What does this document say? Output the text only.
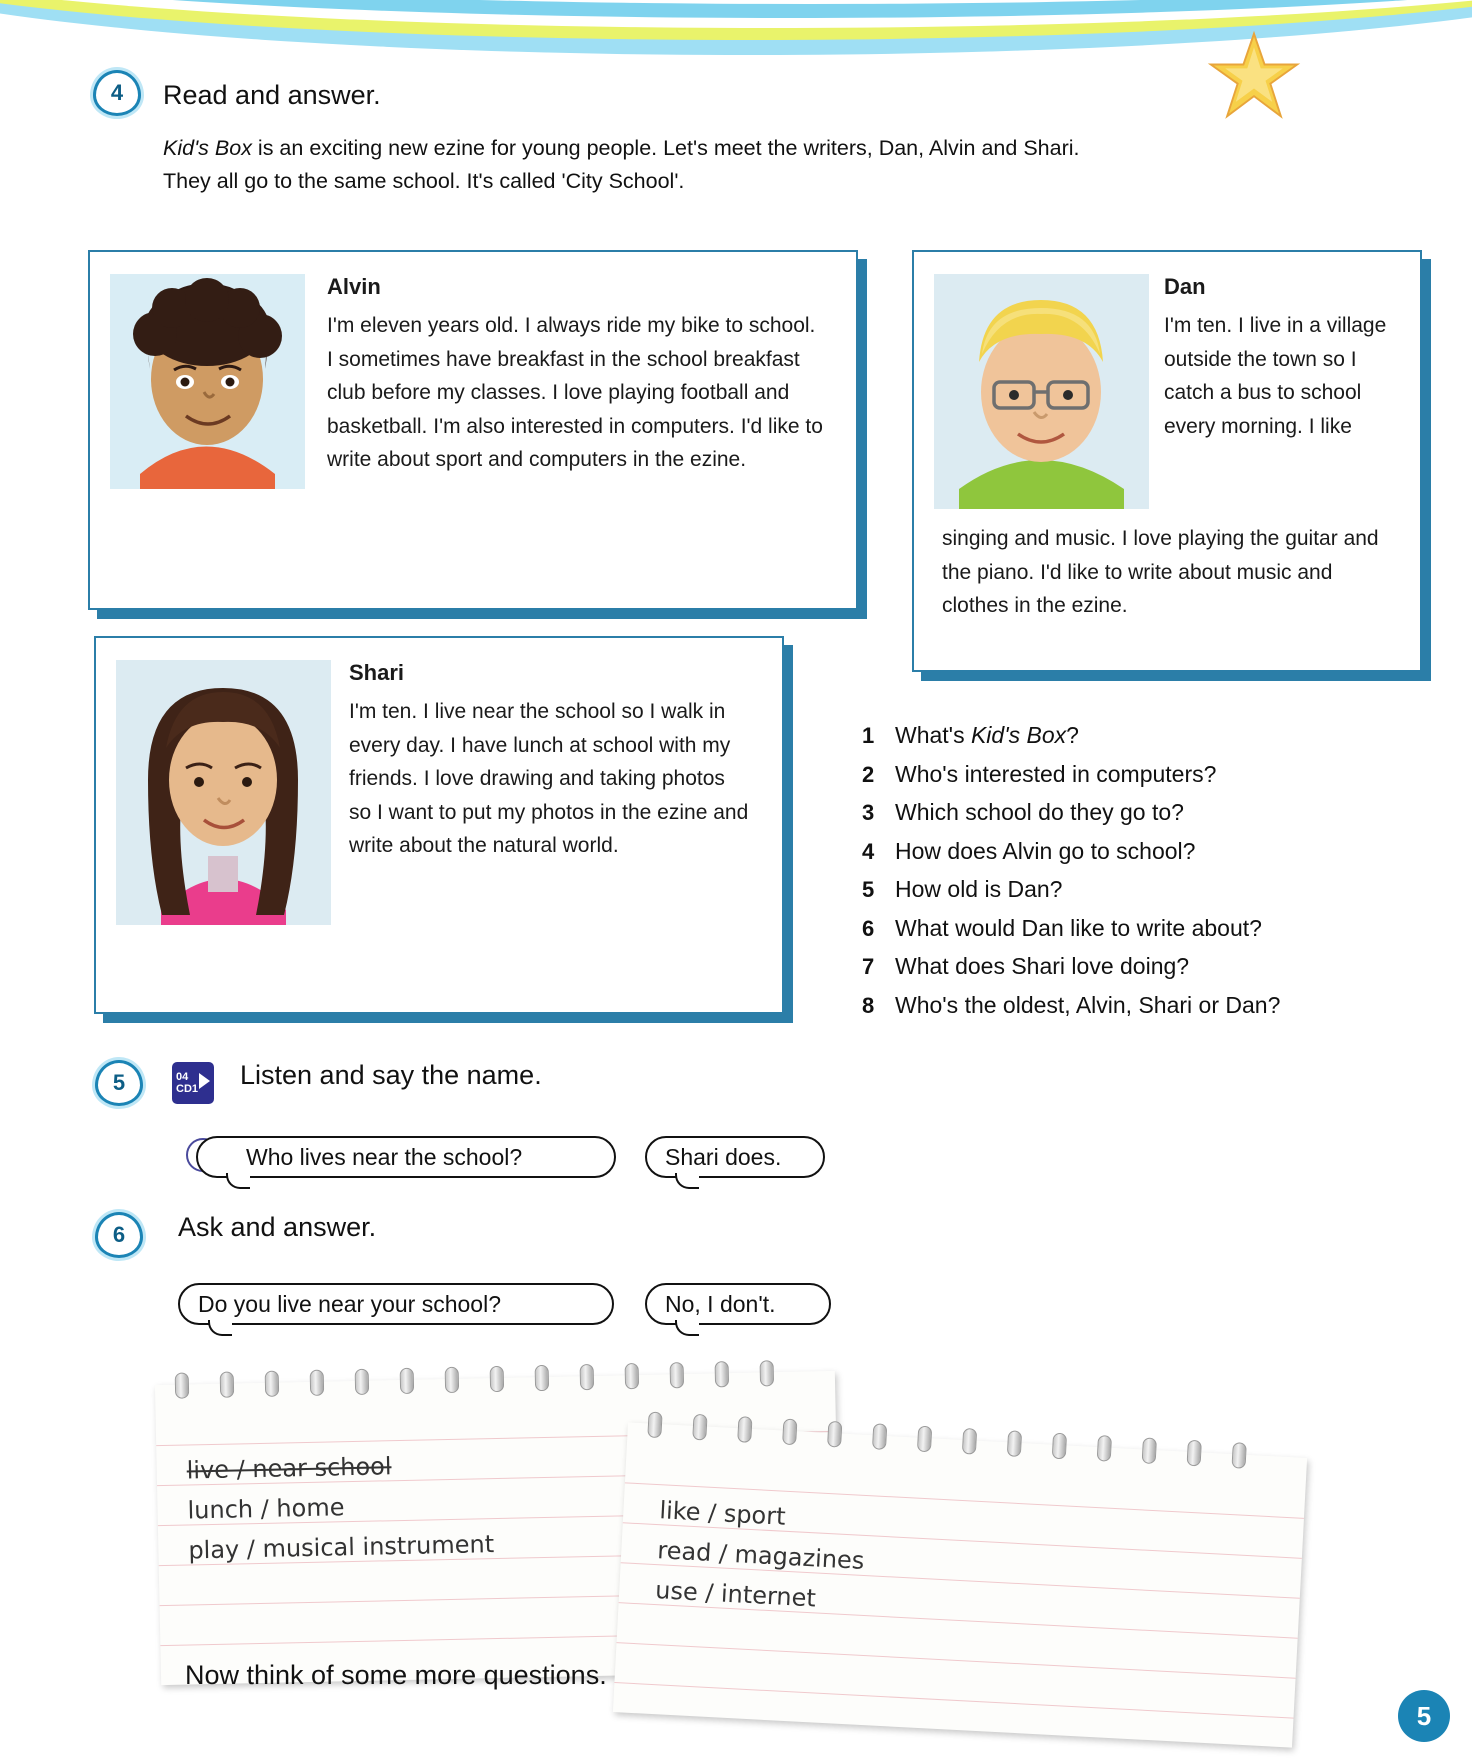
4 Read and answer.
Kid's Box is an exciting new ezine for young people. Let's meet the writers, Dan, Alvin and Shari.
They all go to the same school. It's called 'City School'.
Alvin
I'm eleven years old. I always ride my bike to school. I sometimes have breakfast in the school breakfast club before my classes. I love playing football and basketball. I'm also interested in computers. I'd like to write about sport and computers in the ezine.
Dan
I'm ten. I live in a village outside the town so I catch a bus to school every morning. I like
singing and music. I love playing the guitar and the piano. I'd like to write about music and clothes in the ezine.
Shari
I'm ten. I live near the school so I walk in every day. I have lunch at school with my friends. I love drawing and taking photos so I want to put my photos in the ezine and write about the natural world.
1 What's Kid's Box?
2 Who's interested in computers?
3 Which school do they go to?
4 How does Alvin go to school?
5 How old is Dan?
6 What would Dan like to write about?
7 What does Shari love doing?
8 Who's the oldest, Alvin, Shari or Dan?
5	04
CD1 Listen and say the name.
Who lives near the school?	Shari does.
6 Ask and answer.
Do you live near your school?	No, I don't.
live / near school
lunch / home
play / musical instrument
like / sport
read / magazines
use / internet
Now think of some more questions.
5
